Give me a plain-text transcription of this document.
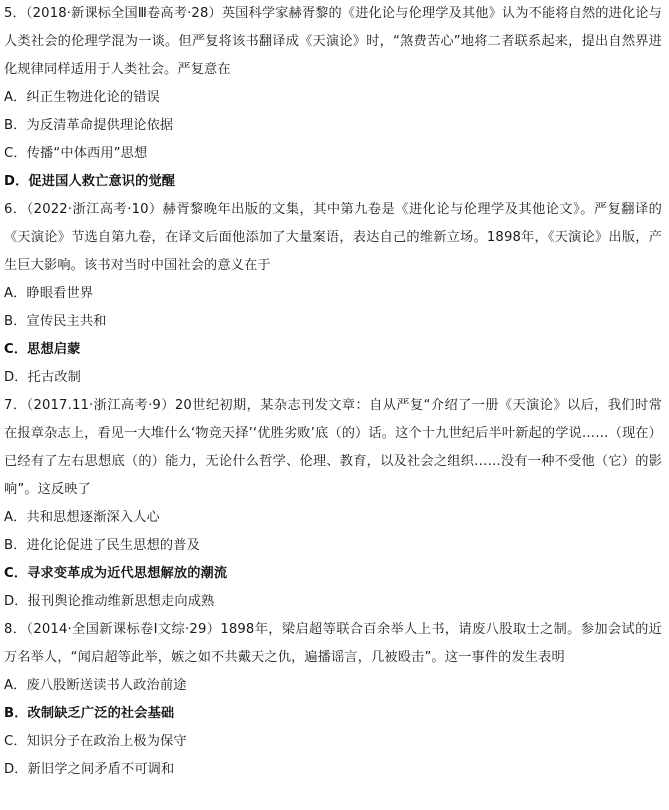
5．（2018·新课标全国Ⅲ卷高考·28）英国科学家赫胥黎的《进化论与伦理学及其他》认为不能将自然的进化论与人类社会的伦理学混为一谈。但严复将该书翻译成《天演论》时，“煞费苦心”地将二者联系起来，提出自然界进化规律同样适用于人类社会。严复意在

A．纠正生物进化论的错误

B．为反清革命提供理论依据

C．传播“中体西用”思想

D．促进国人救亡意识的觉醒

6．（2022·浙江高考·10）赫胥黎晚年出版的文集，其中第九卷是《进化论与伦理学及其他论文》。严复翻译的《天演论》节选自第九卷，在译文后面他添加了大量案语，表达自己的维新立场。1898年，《天演论》出版，产生巨大影响。该书对当时中国社会的意义在于

A．睁眼看世界

B．宣传民主共和

C．思想启蒙

D．托古改制

7．（2017.11·浙江高考·9）20世纪初期，某杂志刊发文章：自从严复“介绍了一册《天演论》以后，我们时常在报章杂志上，看见一大堆什么‘物竞天择’‘优胜劣败’底（的）话。这个十九世纪后半叶新起的学说……（现在）已经有了左右思想底（的）能力，无论什么哲学、伦理、教育，以及社会之组织……没有一种不受他（它）的影响”。这反映了

A．共和思想逐渐深入人心

B．进化论促进了民生思想的普及

C．寻求变革成为近代思想解放的潮流

D．报刊舆论推动维新思想走向成熟

8．（2014·全国新课标卷Ⅰ文综·29）1898年，梁启超等联合百余举人上书，请废八股取士之制。参加会试的近万名举人，“闻启超等此举，嫉之如不共戴天之仇，遍播谣言，几被殴击”。这一事件的发生表明

A．废八股断送读书人政治前途

B．改制缺乏广泛的社会基础

C．知识分子在政治上极为保守

D．新旧学之间矛盾不可调和
